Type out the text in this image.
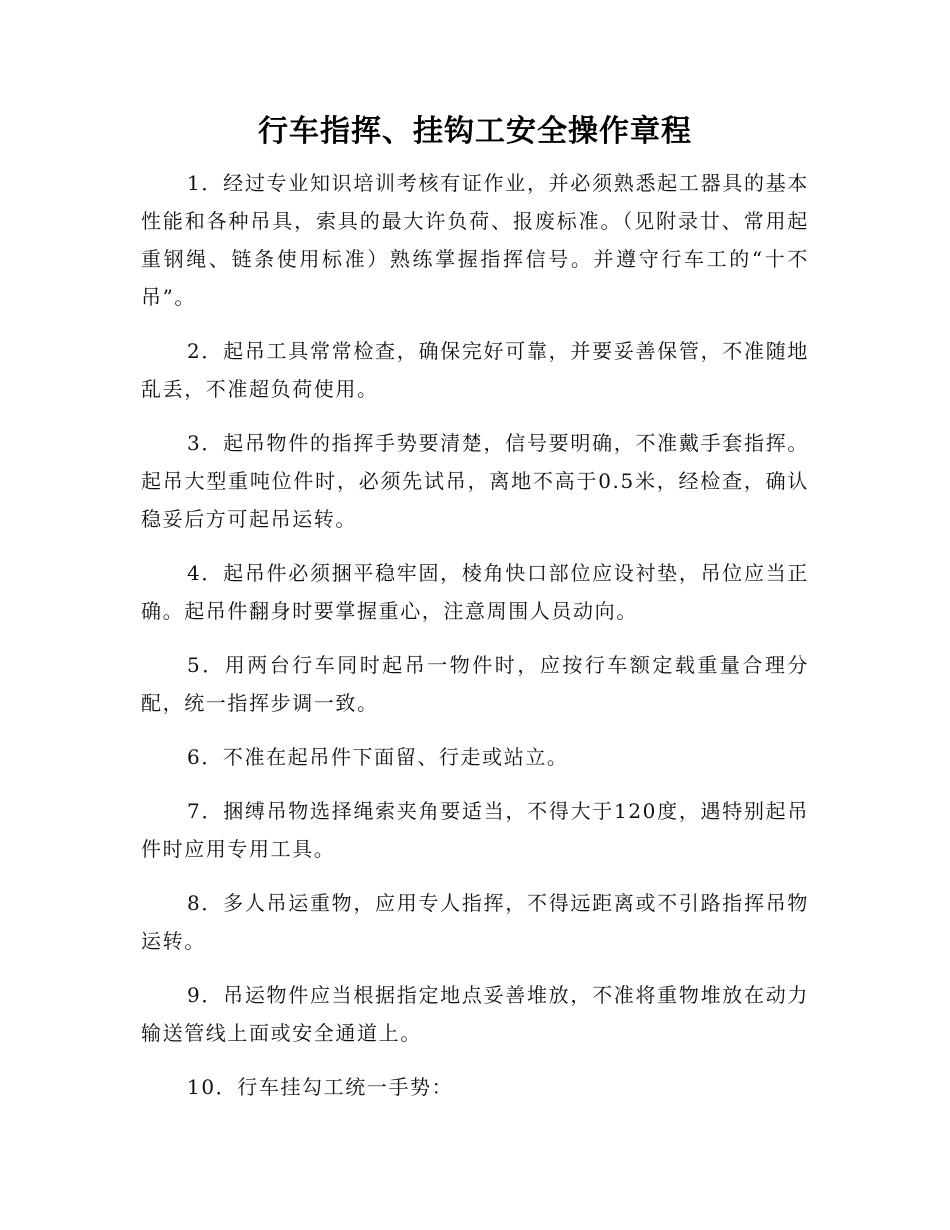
行车指挥、挂钩工安全操作章程

1．经过专业知识培训考核有证作业，并必须熟悉起工器具的基本性能和各种吊具，索具的最大许负荷、报废标准。（见附录廿、常用起重钢绳、链条使用标准）熟练掌握指挥信号。并遵守行车工的“十不吊”。

2．起吊工具常常检查，确保完好可靠，并要妥善保管，不准随地乱丢，不准超负荷使用。

3．起吊物件的指挥手势要清楚，信号要明确，不准戴手套指挥。起吊大型重吨位件时，必须先试吊，离地不高于0.5米，经检查，确认稳妥后方可起吊运转。

4．起吊件必须捆平稳牢固，棱角快口部位应设衬垫，吊位应当正确。起吊件翻身时要掌握重心，注意周围人员动向。

5．用两台行车同时起吊一物件时，应按行车额定载重量合理分配，统一指挥步调一致。

6．不准在起吊件下面留、行走或站立。

7．捆缚吊物选择绳索夹角要适当，不得大于120度，遇特别起吊件时应用专用工具。

8．多人吊运重物，应用专人指挥，不得远距离或不引路指挥吊物运转。

9．吊运物件应当根据指定地点妥善堆放，不准将重物堆放在动力输送管线上面或安全通道上。

10．行车挂勾工统一手势：
